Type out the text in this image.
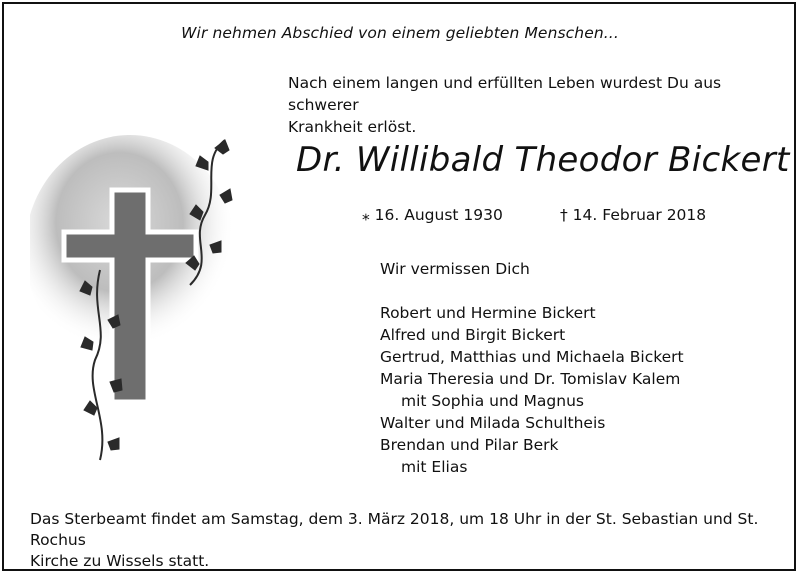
Wir nehmen Abschied von einem geliebten Menschen...
Nach einem langen und erfüllten Leben wurdest Du aus schwerer
Krankheit erlöst.
Dr. Willibald Theodor Bickert
⁎ 16. August 1930	† 14. Februar 2018
Wir vermissen Dich
Robert und Hermine Bickert
Alfred und Birgit Bickert
Gertrud, Matthias und Michaela Bickert
Maria Theresia und Dr. Tomislav Kalem
mit Sophia und Magnus
Walter und Milada Schultheis
Brendan und Pilar Berk
mit Elias
Das Sterbeamt findet am Samstag, dem 3. März 2018, um 18 Uhr in der St. Sebastian und St. Rochus
Kirche zu Wissels statt.
